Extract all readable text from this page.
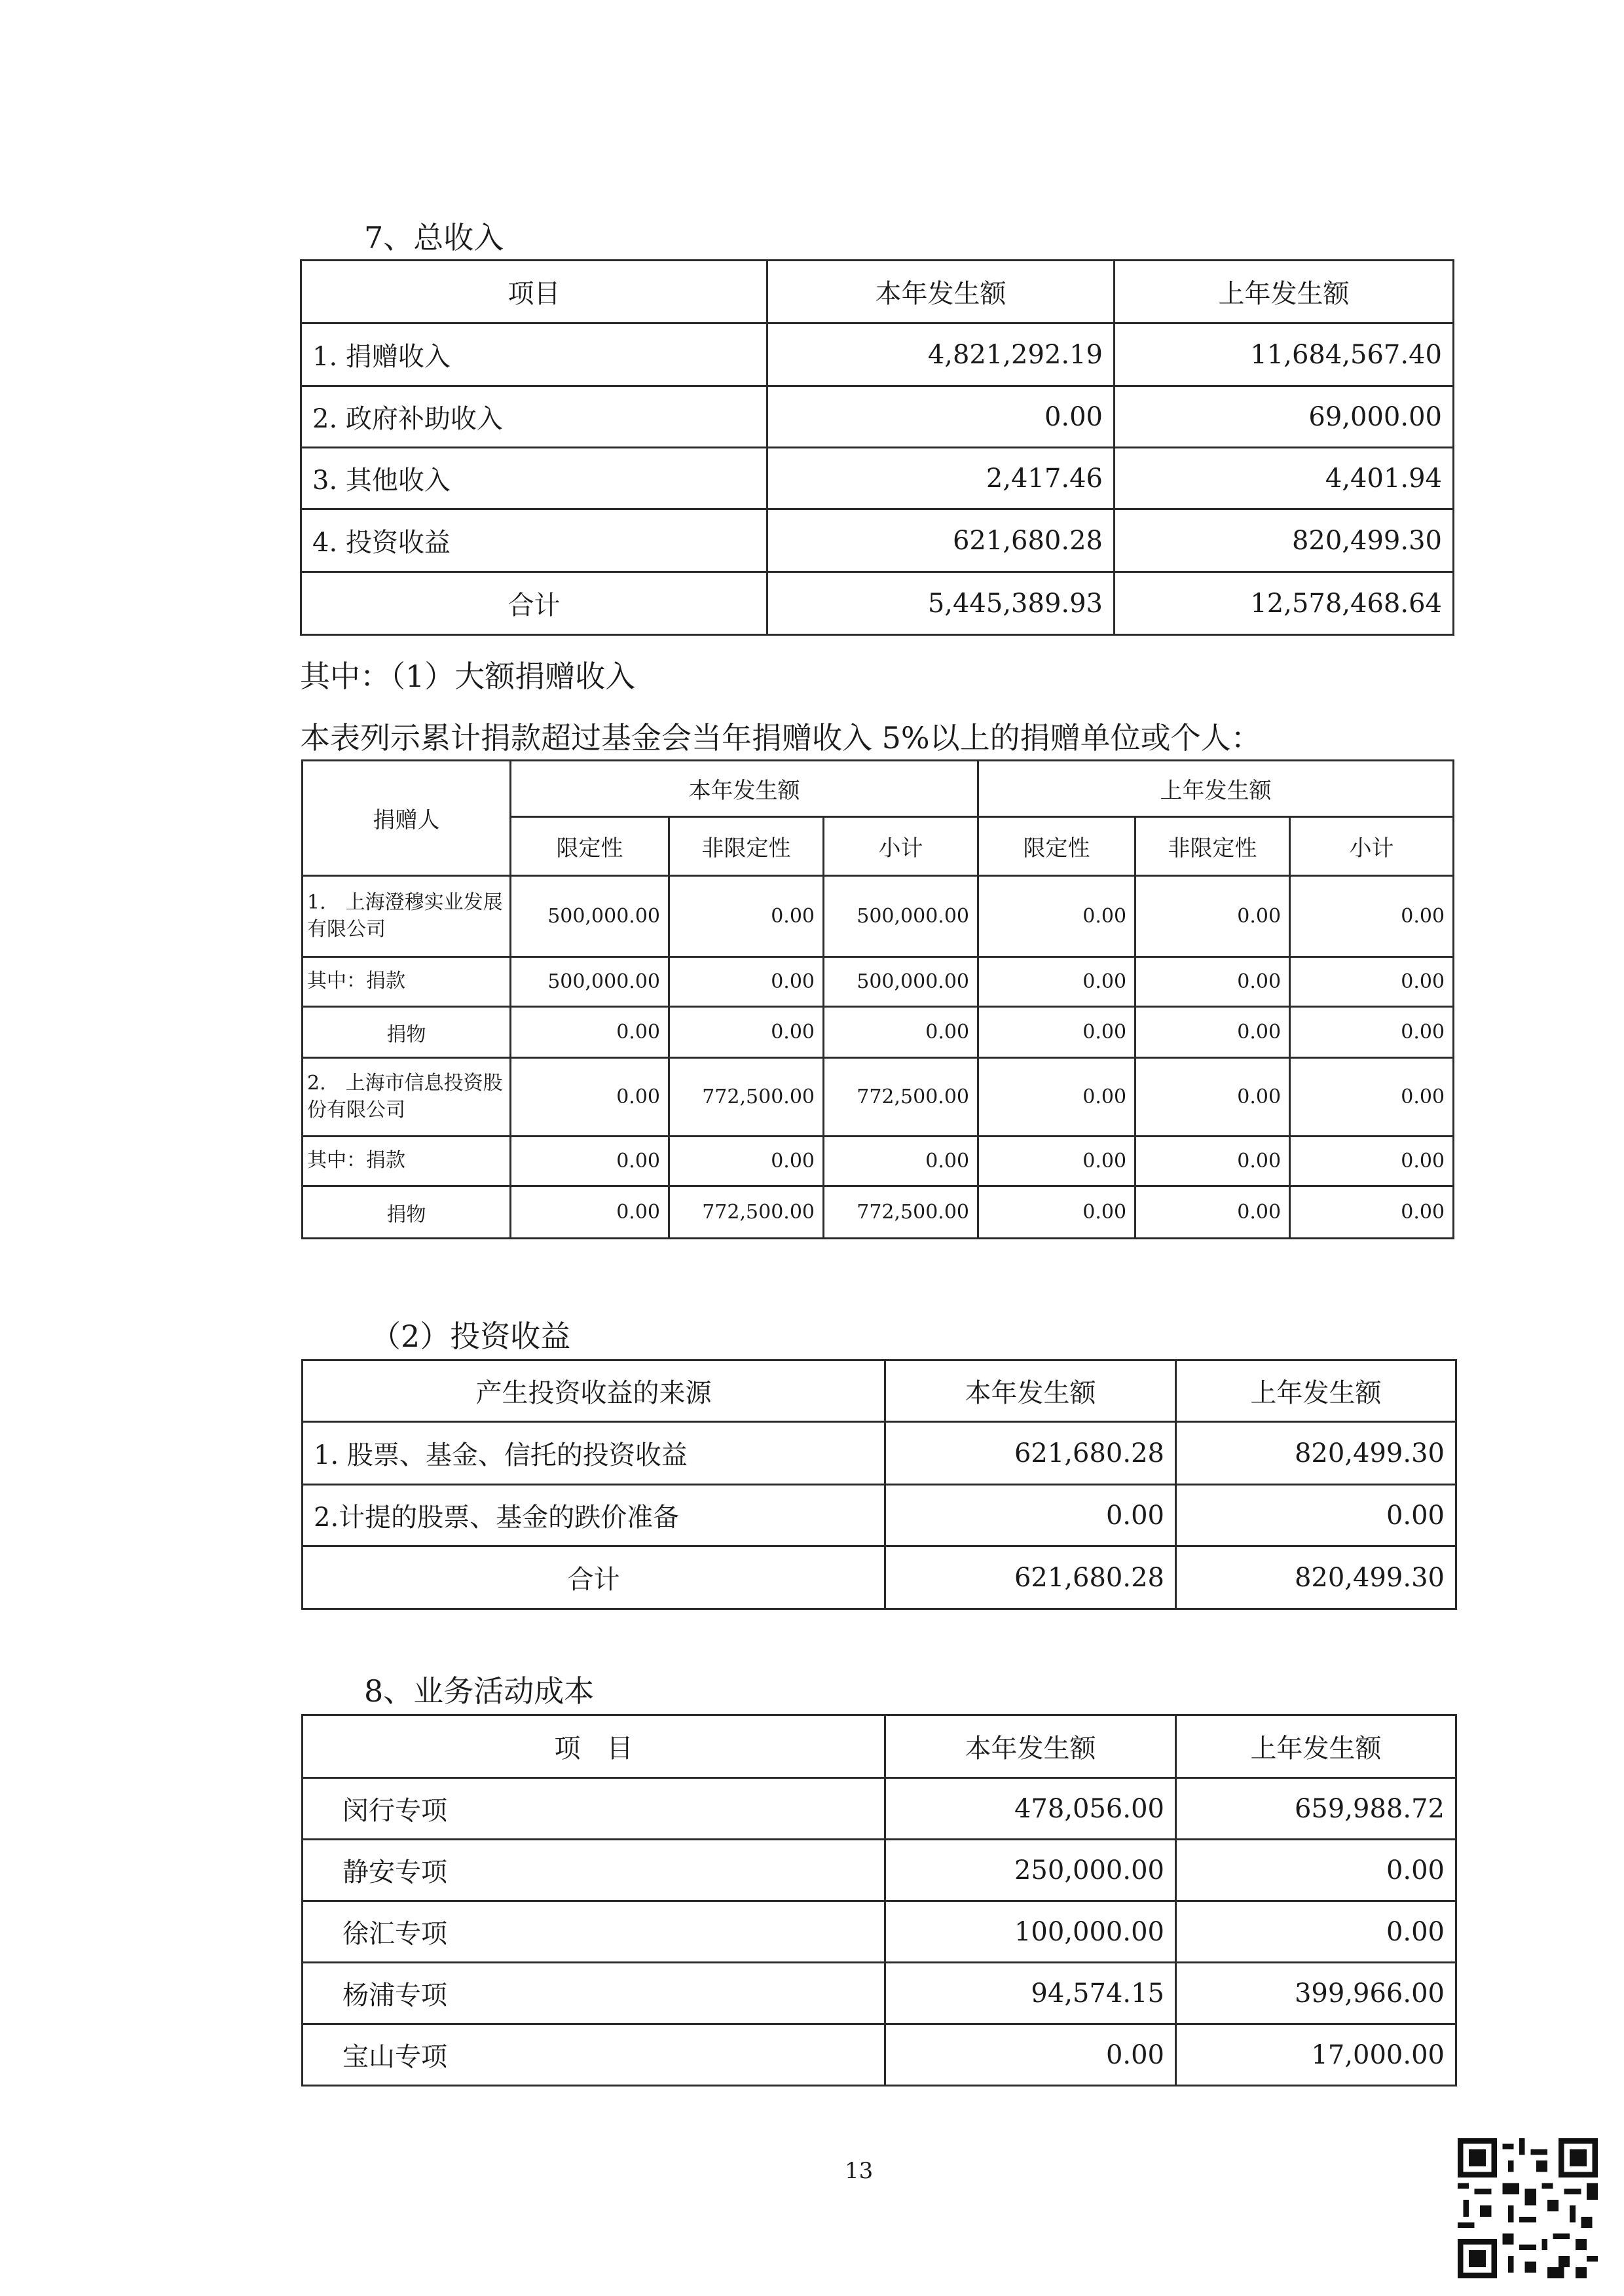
7、总收入
项目	本年发生额	上年发生额
1. 捐赠收入	4,821,292.19	11,684,567.40
2. 政府补助收入	0.00	69,000.00
3. 其他收入	2,417.46	4,401.94
4. 投资收益	621,680.28	820,499.30
合计	5,445,389.93	12,578,468.64
其中：（1）大额捐赠收入
本表列示累计捐款超过基金会当年捐赠收入 5%以上的捐赠单位或个人：
捐赠人	本年发生额			上年发生额		
	限定性	非限定性	小计	限定性	非限定性	小计
1.　上海澄穆实业发展有限公司	500,000.00	0.00	500,000.00	0.00	0.00	0.00
其中：捐款	500,000.00	0.00	500,000.00	0.00	0.00	0.00
捐物	0.00	0.00	0.00	0.00	0.00	0.00
2.　上海市信息投资股份有限公司	0.00	772,500.00	772,500.00	0.00	0.00	0.00
其中：捐款	0.00	0.00	0.00	0.00	0.00	0.00
捐物	0.00	772,500.00	772,500.00	0.00	0.00	0.00
（2）投资收益
产生投资收益的来源	本年发生额	上年发生额
1. 股票、基金、信托的投资收益	621,680.28	820,499.30
2.计提的股票、基金的跌价准备	0.00	0.00
合计	621,680.28	820,499.30
8、业务活动成本
项　目	本年发生额	上年发生额
闵行专项	478,056.00	659,988.72
静安专项	250,000.00	0.00
徐汇专项	100,000.00	0.00
杨浦专项	94,574.15	399,966.00
宝山专项	0.00	17,000.00
13
